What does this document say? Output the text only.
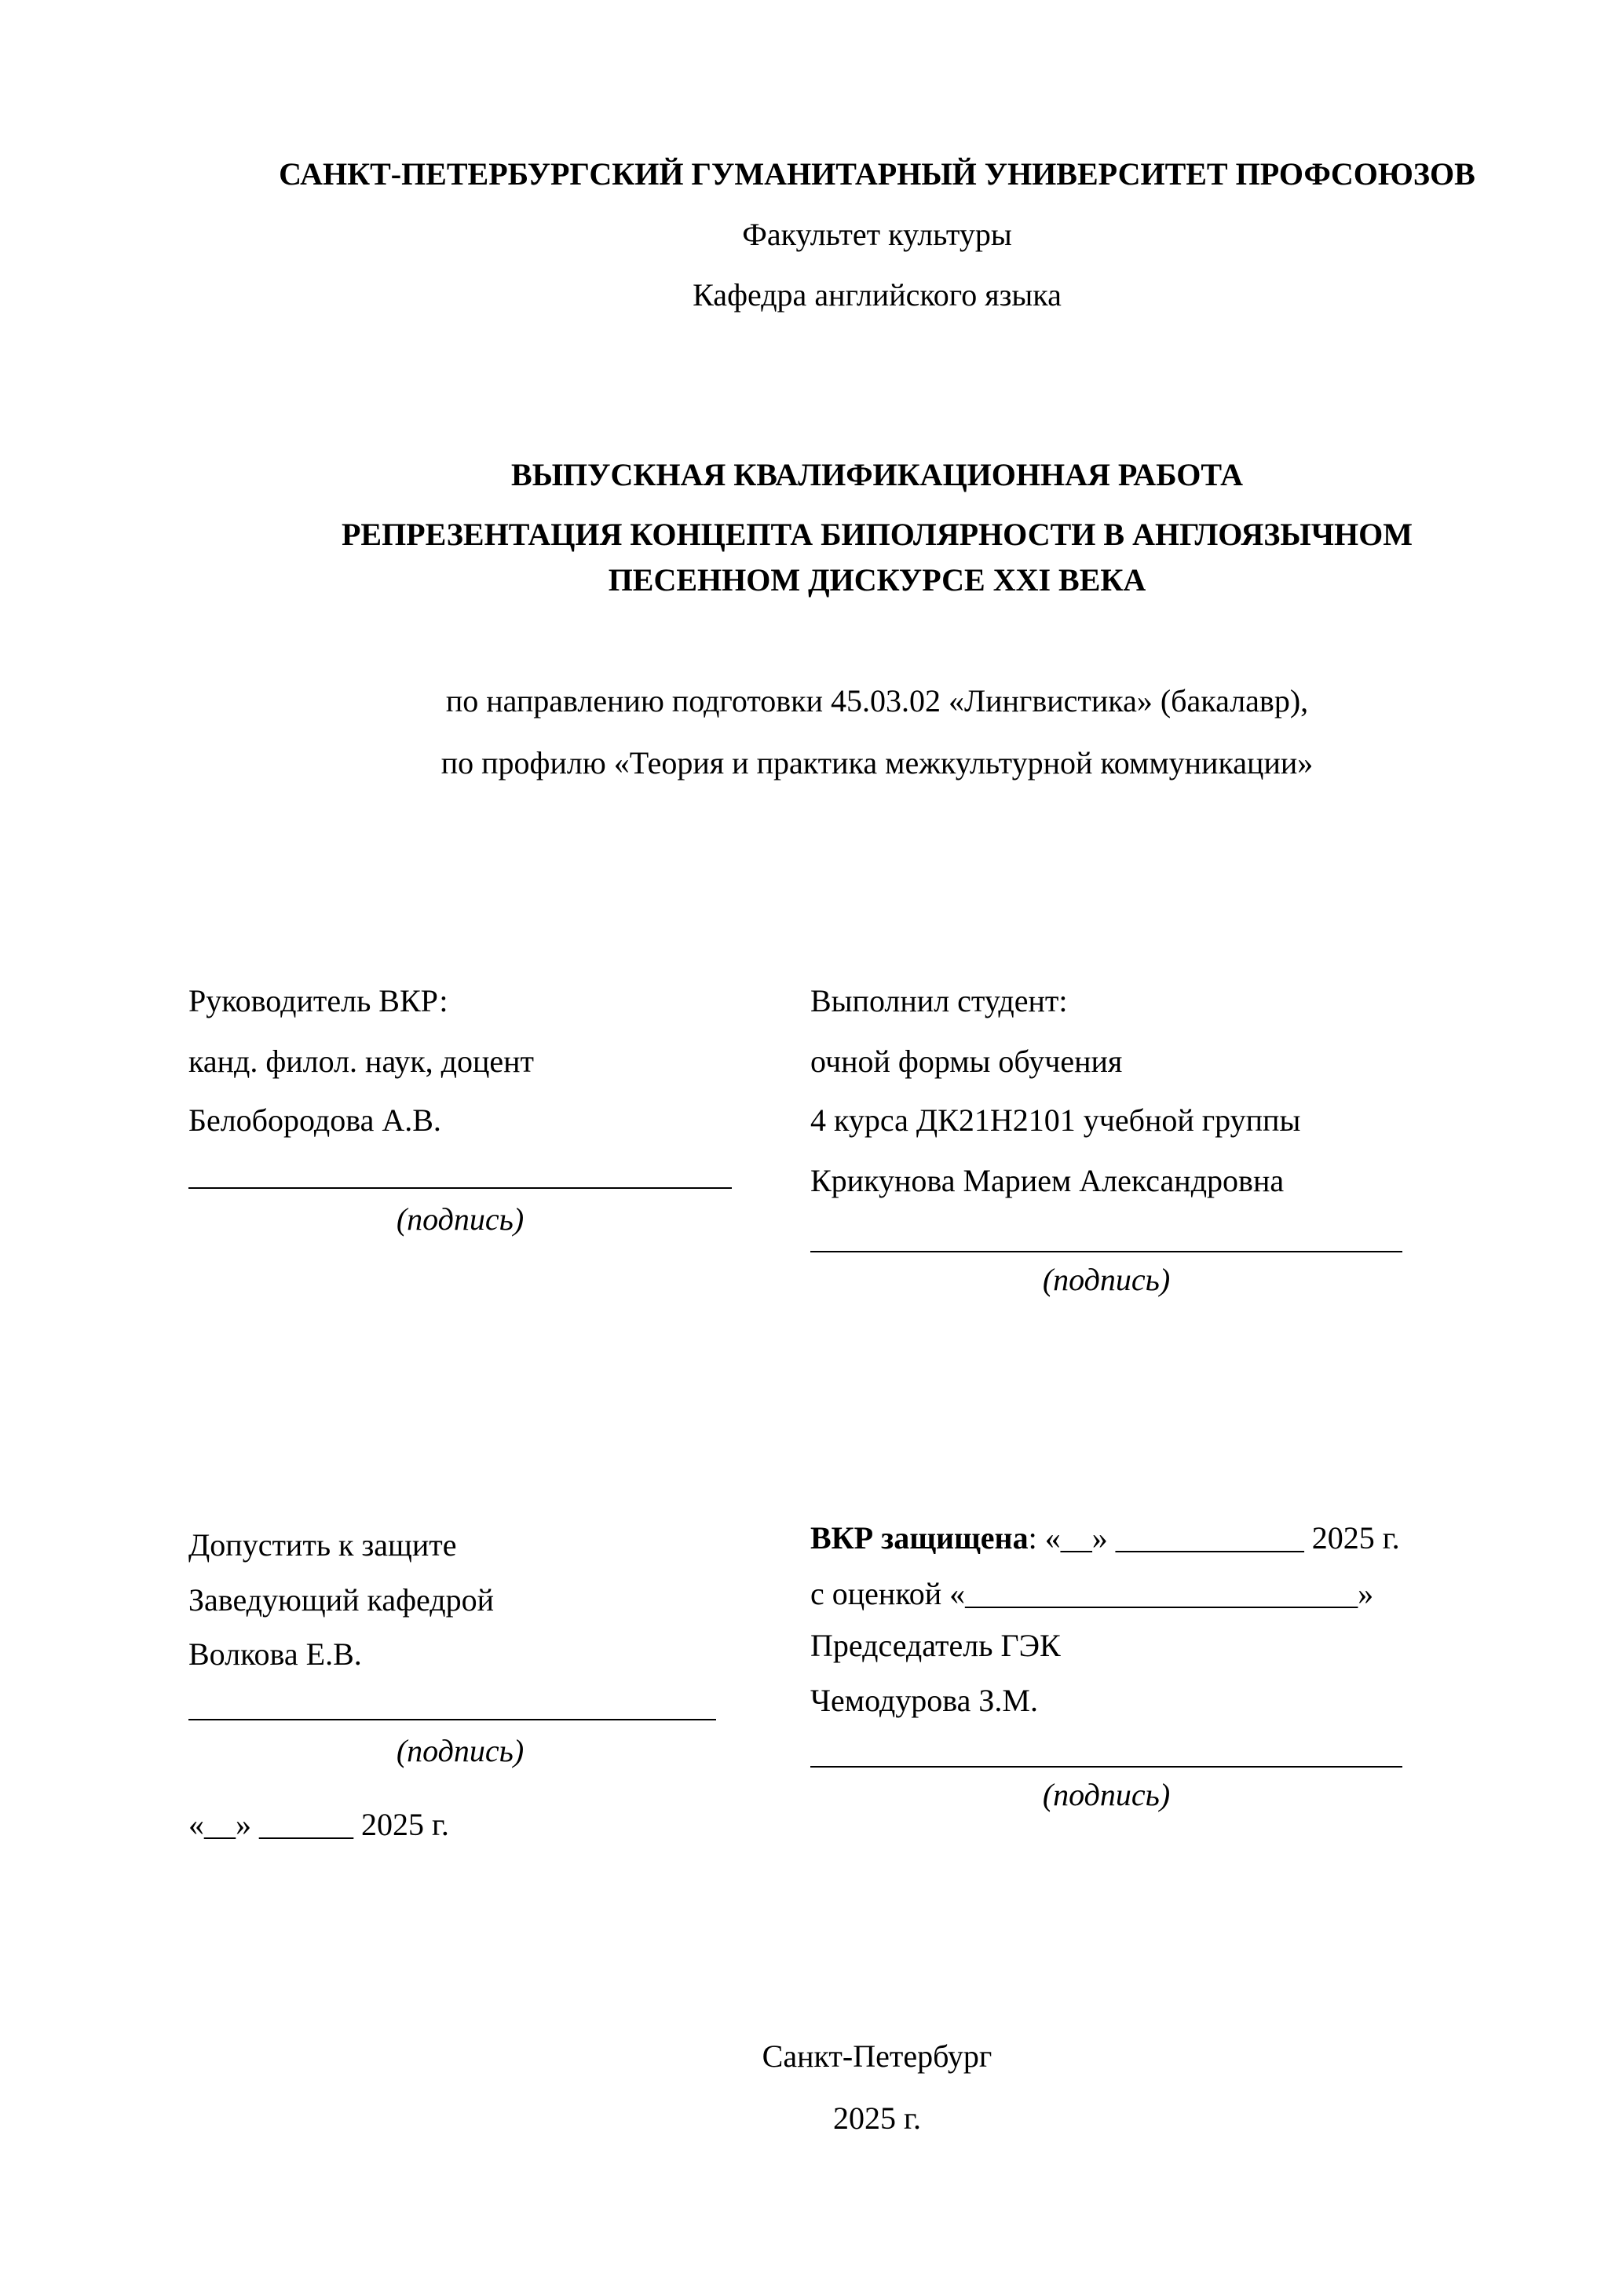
САНКТ-ПЕТЕРБУРГСКИЙ ГУМАНИТАРНЫЙ УНИВЕРСИТЕТ ПРОФСОЮЗОВ
Факультет культуры
Кафедра английского языка
ВЫПУСКНАЯ КВАЛИФИКАЦИОННАЯ РАБОТА
РЕПРЕЗЕНТАЦИЯ КОНЦЕПТА БИПОЛЯРНОСТИ В АНГЛОЯЗЫЧНОМ
ПЕСЕННОМ ДИСКУРСЕ XXI ВЕКА
по направлению подготовки 45.03.02 «Лингвистика» (бакалавр),
по профилю «Теория и практика межкультурной коммуникации»
Руководитель ВКР:
канд. филол. наук, доцент
Белобородова А.В.
(подпись)
Выполнил студент:
очной формы обучения
4 курса ДК21Н2101 учебной группы
Крикунова Марием Александровна
(подпись)
Допустить к защите
Заведующий кафедрой
Волкова Е.В.
(подпись)
«__» ______ 2025 г.
ВКР защищена: «__» ____________ 2025 г.
с оценкой «_________________________»
Председатель ГЭК
Чемодурова З.М.
(подпись)
Санкт-Петербург
2025 г.
